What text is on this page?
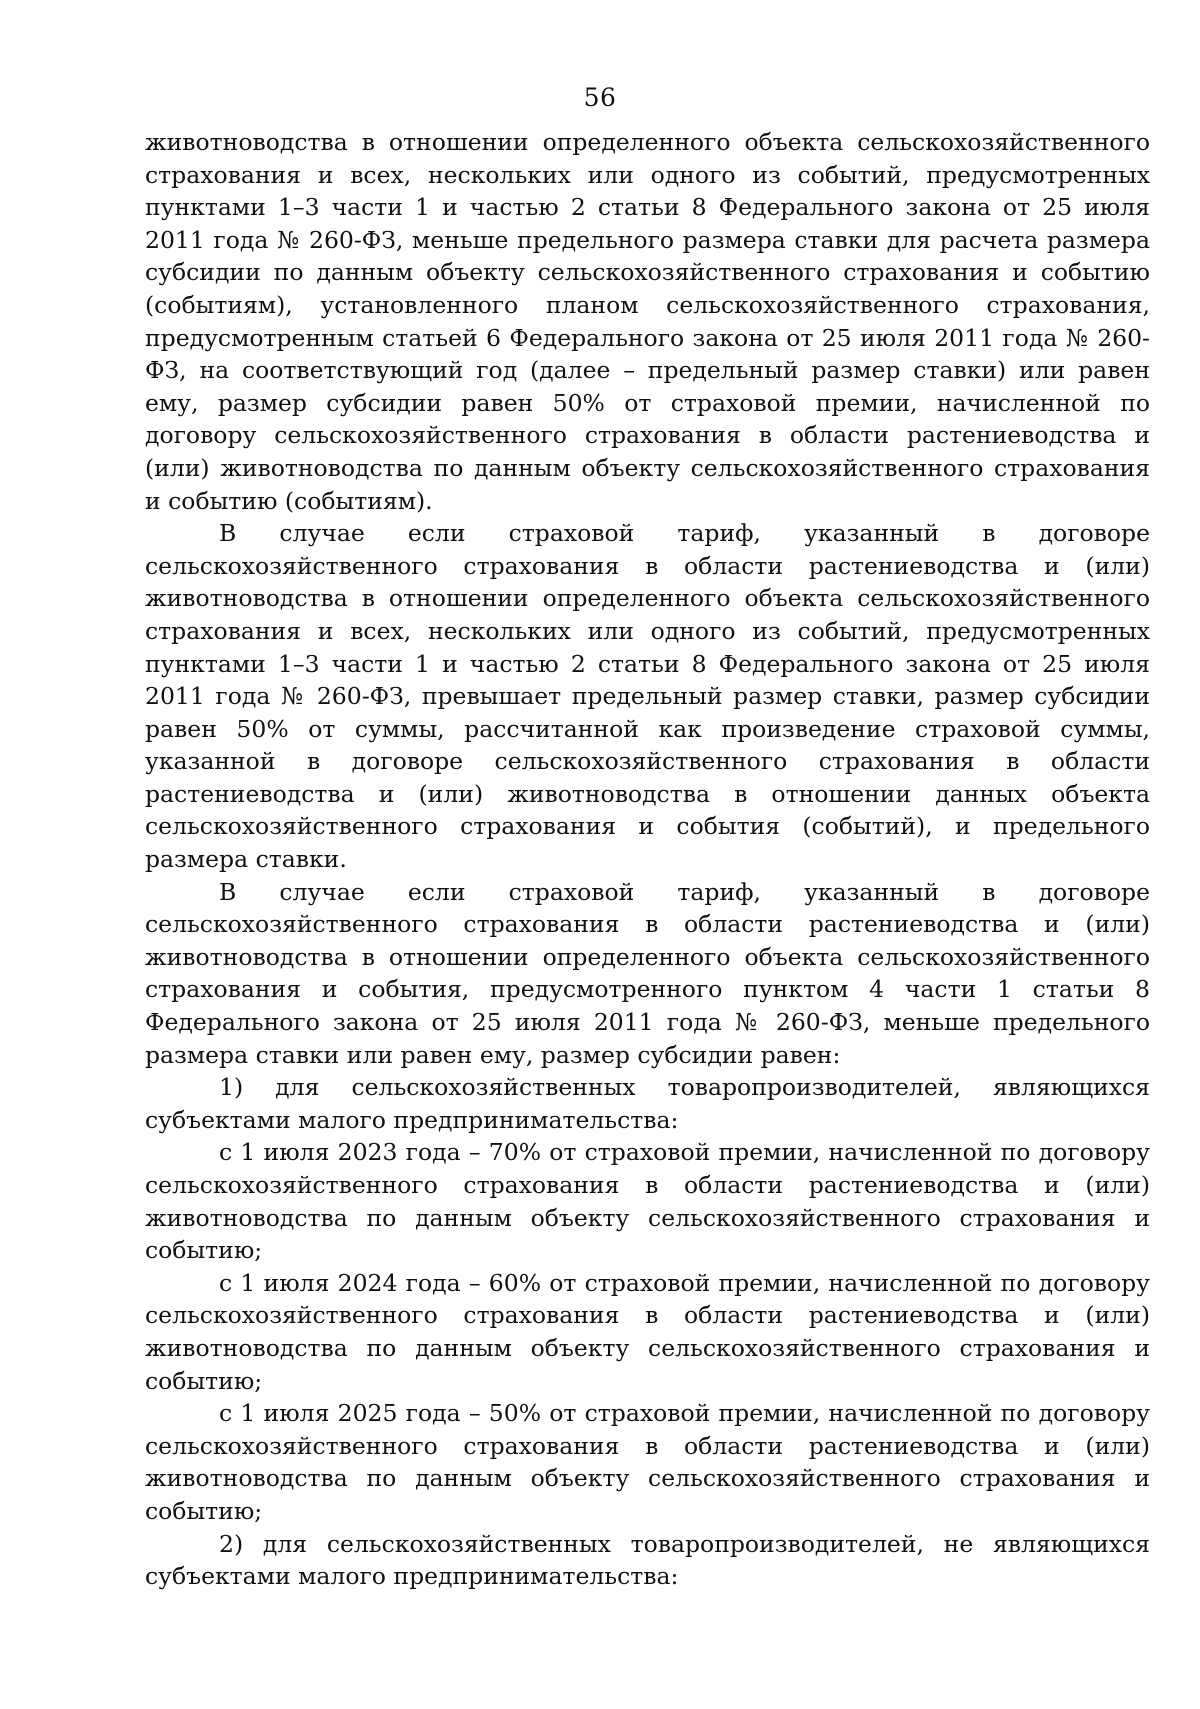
56

животноводства в отношении определенного объекта сельскохозяйственного страхования и всех, нескольких или одного из событий, предусмотренных пунктами 1–3 части 1 и частью 2 статьи 8 Федерального закона от 25 июля 2011 года № 260-ФЗ, меньше предельного размера ставки для расчета размера субсидии по данным объекту сельскохозяйственного страхования и событию (событиям), установленного планом сельскохозяйственного страхования, предусмотренным статьей 6 Федерального закона от 25 июля 2011 года № 260-ФЗ, на соответствующий год (далее – предельный размер ставки) или равен ему, размер субсидии равен 50% от страховой премии, начисленной по договору сельскохозяйственного страхования в области растениеводства и (или) животноводства по данным объекту сельскохозяйственного страхования и событию (событиям).

В случае если страховой тариф, указанный в договоре сельскохозяйственного страхования в области растениеводства и (или) животноводства в отношении определенного объекта сельскохозяйственного страхования и всех, нескольких или одного из событий, предусмотренных пунктами 1–3 части 1 и частью 2 статьи 8 Федерального закона от 25 июля 2011 года № 260-ФЗ, превышает предельный размер ставки, размер субсидии равен 50% от суммы, рассчитанной как произведение страховой суммы, указанной в договоре сельскохозяйственного страхования в области растениеводства и (или) животноводства в отношении данных объекта сельскохозяйственного страхования и события (событий), и предельного размера ставки.

В случае если страховой тариф, указанный в договоре сельскохозяйственного страхования в области растениеводства и (или) животноводства в отношении определенного объекта сельскохозяйственного страхования и события, предусмотренного пунктом 4 части 1 статьи 8 Федерального закона от 25 июля 2011 года № 260-ФЗ, меньше предельного размера ставки или равен ему, размер субсидии равен:

1) для сельскохозяйственных товаропроизводителей, являющихся субъектами малого предпринимательства:

с 1 июля 2023 года – 70% от страховой премии, начисленной по договору сельскохозяйственного страхования в области растениеводства и (или) животноводства по данным объекту сельскохозяйственного страхования и событию;

с 1 июля 2024 года – 60% от страховой премии, начисленной по договору сельскохозяйственного страхования в области растениеводства и (или) животноводства по данным объекту сельскохозяйственного страхования и событию;

с 1 июля 2025 года – 50% от страховой премии, начисленной по договору сельскохозяйственного страхования в области растениеводства и (или) животноводства по данным объекту сельскохозяйственного страхования и событию;

2) для сельскохозяйственных товаропроизводителей, не являющихся субъектами малого предпринимательства:
